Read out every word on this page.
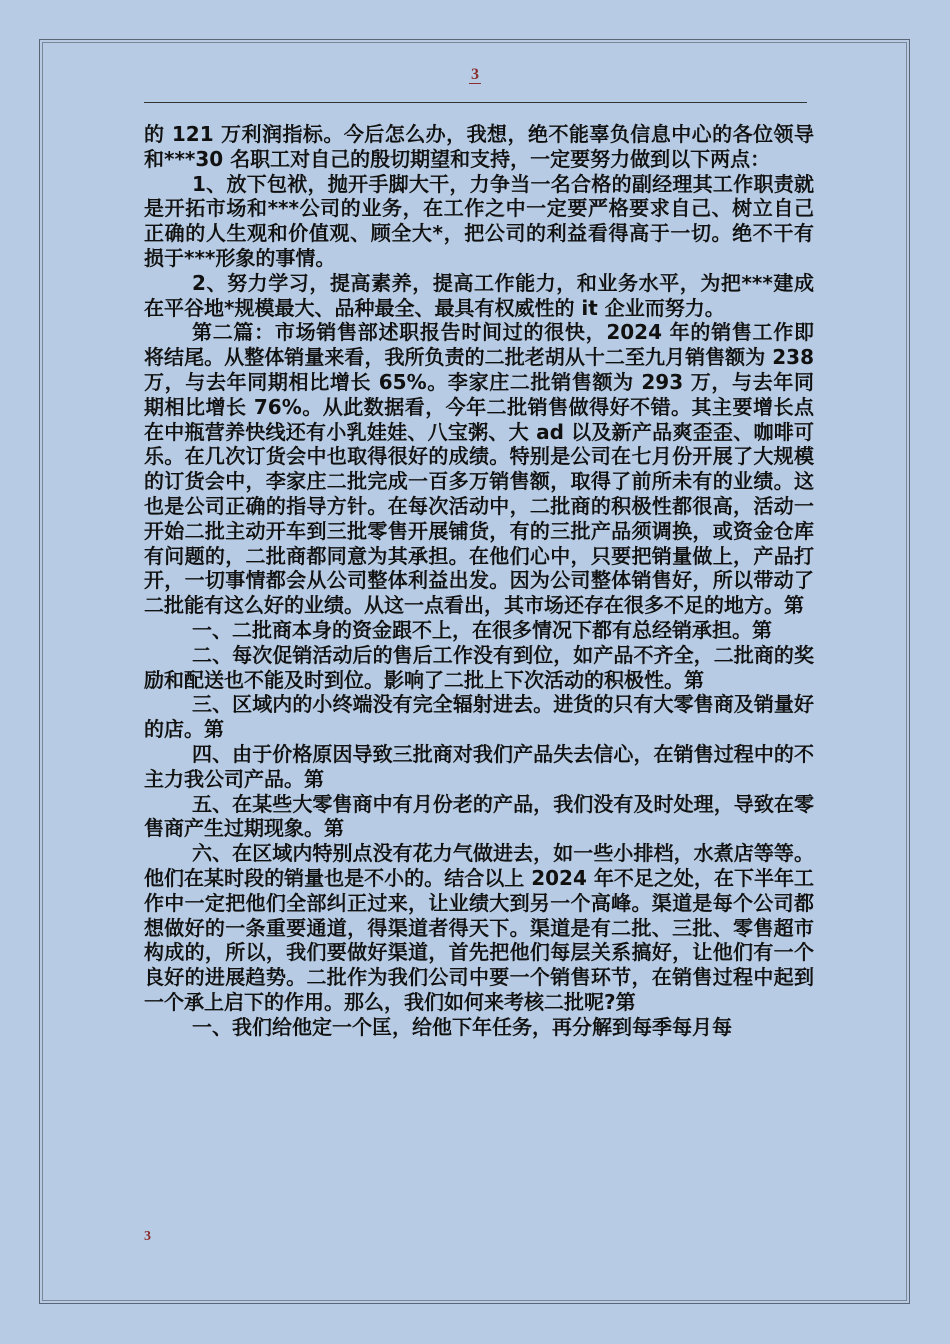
3

的 121 万利润指标。今后怎么办，我想，绝不能辜负信息中心的各位领导和***30 名职工对自己的殷切期望和支持，一定要努力做到以下两点：

1、放下包袱，抛开手脚大干，力争当一名合格的副经理其工作职责就是开拓市场和***公司的业务，在工作之中一定要严格要求自己、树立自己正确的人生观和价值观、顾全大*，把公司的利益看得高于一切。绝不干有损于***形象的事情。

2、努力学习，提高素养，提高工作能力，和业务水平，为把***建成在平谷地*规模最大、品种最全、最具有权威性的 it 企业而努力。

第二篇：市场销售部述职报告时间过的很快，2024 年的销售工作即将结尾。从整体销量来看，我所负责的二批老胡从十二至九月销售额为 238 万，与去年同期相比增长 65%。李家庄二批销售额为 293 万，与去年同期相比增长 76%。从此数据看，今年二批销售做得好不错。其主要增长点在中瓶营养快线还有小乳娃娃、八宝粥、大 ad 以及新产品爽歪歪、咖啡可乐。在几次订货会中也取得很好的成绩。特别是公司在七月份开展了大规模的订货会中，李家庄二批完成一百多万销售额，取得了前所未有的业绩。这也是公司正确的指导方针。在每次活动中，二批商的积极性都很高，活动一开始二批主动开车到三批零售开展铺货，有的三批产品须调换，或资金仓库有问题的，二批商都同意为其承担。在他们心中，只要把销量做上，产品打开，一切事情都会从公司整体利益出发。因为公司整体销售好，所以带动了二批能有这么好的业绩。从这一点看出，其市场还存在很多不足的地方。第

一、二批商本身的资金跟不上，在很多情况下都有总经销承担。第

二、每次促销活动后的售后工作没有到位，如产品不齐全，二批商的奖励和配送也不能及时到位。影响了二批上下次活动的积极性。第

三、区域内的小终端没有完全辐射进去。进货的只有大零售商及销量好的店。第

四、由于价格原因导致三批商对我们产品失去信心，在销售过程中的不主力我公司产品。第

五、在某些大零售商中有月份老的产品，我们没有及时处理，导致在零售商产生过期现象。第

六、在区域内特别点没有花力气做进去，如一些小排档，水煮店等等。他们在某时段的销量也是不小的。结合以上 2024 年不足之处，在下半年工作中一定把他们全部纠正过来，让业绩大到另一个高峰。渠道是每个公司都想做好的一条重要通道，得渠道者得天下。渠道是有二批、三批、零售超市构成的，所以，我们要做好渠道，首先把他们每层关系搞好，让他们有一个良好的进展趋势。二批作为我们公司中要一个销售环节，在销售过程中起到一个承上启下的作用。那么，我们如何来考核二批呢?第

一、我们给他定一个匡，给他下年任务，再分解到每季每月每

3
